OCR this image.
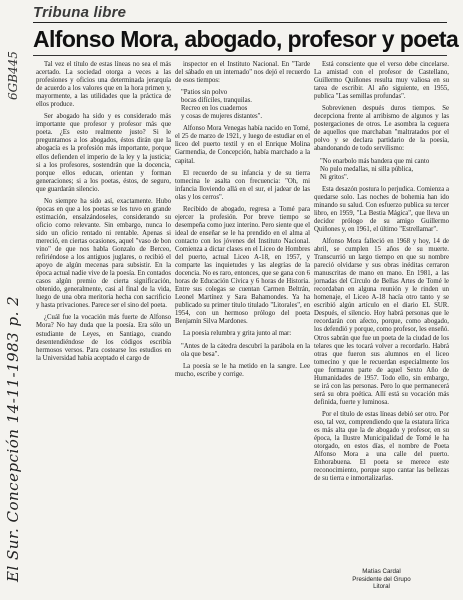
6GB445
El Sur. Concepción 14-11-1983 p. 2
Tribuna libre
Alfonso Mora, abogado, profesor y poeta

Tal vez el título de estas líneas no sea el más acertado. La sociedad otorga a veces a las profesiones y oficios una determinada jerarquía de acuerdo a los valores que en la hora primen y, mayormente, a las utilidades que la práctica de ellos produce.

Ser abogado ha sido y es considerado más importante que profesor y profesor más que poeta. ¿Es esto realmente justo? Si le preguntamos a los abogados, éstos dirán que la abogacía es la profesión más importante, porque ellos defienden el imperio de la ley y la justicia; si a los profesores, sostendrán que la docencia, porque ellos educan, orientan y forman generaciones; si a los poetas, éstos, de seguro, que guardarán silencio.

No siempre ha sido así, exactamente. Hubo épocas en que a los poetas se les tuvo en grande estimación, ensalzándoseles, considerando su oficio como relevante. Sin embargo, nunca lo sido un oficio rentado ni rentable. Apenas si mereció, en ciertas ocasiones, aquel "vaso de bon vino" de que nos habla Gonzalo de Berceo, refiriéndose a los antiguos juglares, o recibió el apoyo de algún mecenas para subsistir. En la época actual nadie vive de la poesía. En contados casos algún premio de cierta significación, obtenido, generalmente, casi al final de la vida, luego de una obra meritoria hecha con sacrificio y hasta privaciones. Parece ser el sino del poeta.

¿Cuál fue la vocación más fuerte de Alfonso Mora? No hay duda que la poesía. Era sólo un estudiante de Leyes, en Santiago, cuando desentendiéndose de los códigos escribía hermosos versos. Para costearse los estudios en la Universidad había aceptado el cargo de

inspector en el Instituto Nacional. En "Tarde del sábado en un internado" nos dejó el recuerdo de esos tiempos:

"Patios sin polvo
bocas difíciles, tranquilas.
Recreo en los cuadernos
y cosas de mujeres distantes".

Alfonso Mora Venegas había nacido en Tomé, el 25 de marzo de 1921, y luego de estudiar en el liceo del puerto textil y en el Enrique Molina Garmendia, de Concepción, había marchado a la capital.

El recuerdo de su infancia y de su tierra tomecina le asalta con frecuencia: "Oh, mi infancia lloviendo allá en el sur, el jadear de las olas y los cerros".

Recibido de abogado, regresa a Tomé para ejercer la profesión. Por breve tiempo se desempeña como juez interino. Pero siente que el ideal de enseñar se le ha prendido en el alma al contacto con los jóvenes del Instituto Nacional. Comienza a dictar clases en el Liceo de Hombres del puerto, actual Liceo A-18, en 1957, y comparte las inquietudes y las alegrías de la docencia. No es raro, entonces, que se gana con 6 horas de Educación Cívica y 6 horas de Historia. Entre sus colegas se cuentan Carmen Beltrán, Leonel Martínez y Sara Bahamondes. Ya ha publicado su primer título titulado "Litorales", en 1954, con un hermoso prólogo del poeta Benjamín Silva Mardones.

La poesía relumbra y grita junto al mar:

"Antes de la cátedra descubrí la parábola en la ola que besa".

La poesía se le ha metido en la sangre. Lee mucho, escribe y corrige.

Está consciente que el verso debe cincelarse. La amistad con el profesor de Castellano, Guillermo Quiñones resulta muy valiosa en su tarea de escribir. Al año siguiente, en 1955, publica "Las semillas profundas".

Sobrevienen después duros tiempos. Se decepciona frente al arribismo de algunos y las postergaciones de otros. Le asombra la ceguera de aquellos que marchaban "maltratados por el polvo y se declara partidario de la poesía, abandonando de todo servilismo:

"No enarbolo más bandera que mi canto
No pulo medallas, ni silla pública,
Ni gritos".

Esta desazón postura lo perjudica. Comienza a quedarse solo. Las noches de bohemia han ido minando su salud. Con esfuerzo publica su tercer libro, en 1959, "La Bestia Mágica", que lleva un decidor prólogo de su amigo Guillermo Quiñones y, en 1961, el último "Estrellamar".

Alfonso Mora falleció en 1968 y hoy, 14 de abril, se cumplen 15 años de su muerte. Transcurrió un largo tiempo en que su nombre pareció olvidarse y sus obras inéditas cerraron manuscritas de mano en mano. En 1981, a las jornadas del Círculo de Bellas Artes de Tomé le recordaban en alguna reunión y le rinden un homenaje, el Liceo A-18 hacía otro tanto y se escribió algún artículo en el diario EL SUR. Después, el silencio. Hoy habrá personas que le recordarán con afecto, porque, como abogado, los defendió y porque, como profesor, les enseñó. Otros sabrán que fue un poeta de la ciudad de los telares que les tocará volver a recordarlo. Habrá otras que fueron sus alumnos en el liceo tomecino y que le recuerdan especialmente los que formaron parte de aquel Sexto Año de Humanidades de 1957. Todo ello, sin embargo, se irá con las personas. Pero lo que permanecerá será su obra poética. Allí está su vocación más definida, fuerte y luminosa.

Por el título de estas líneas debió ser otro. Por eso, tal vez, comprendiendo que la estatura lírica es más alta que la de abogado y profesor, en su época, la Ilustre Municipalidad de Tomé le ha otorgado, en estos días, el nombre de Poeta Alfonso Mora a una calle del puerto. Enhorabuena. El poeta se merece este reconocimiento, porque supo cantar las bellezas de su tierra e inmortalizarlas.

Matías Cardal
Presidente del Grupo
Litoral
